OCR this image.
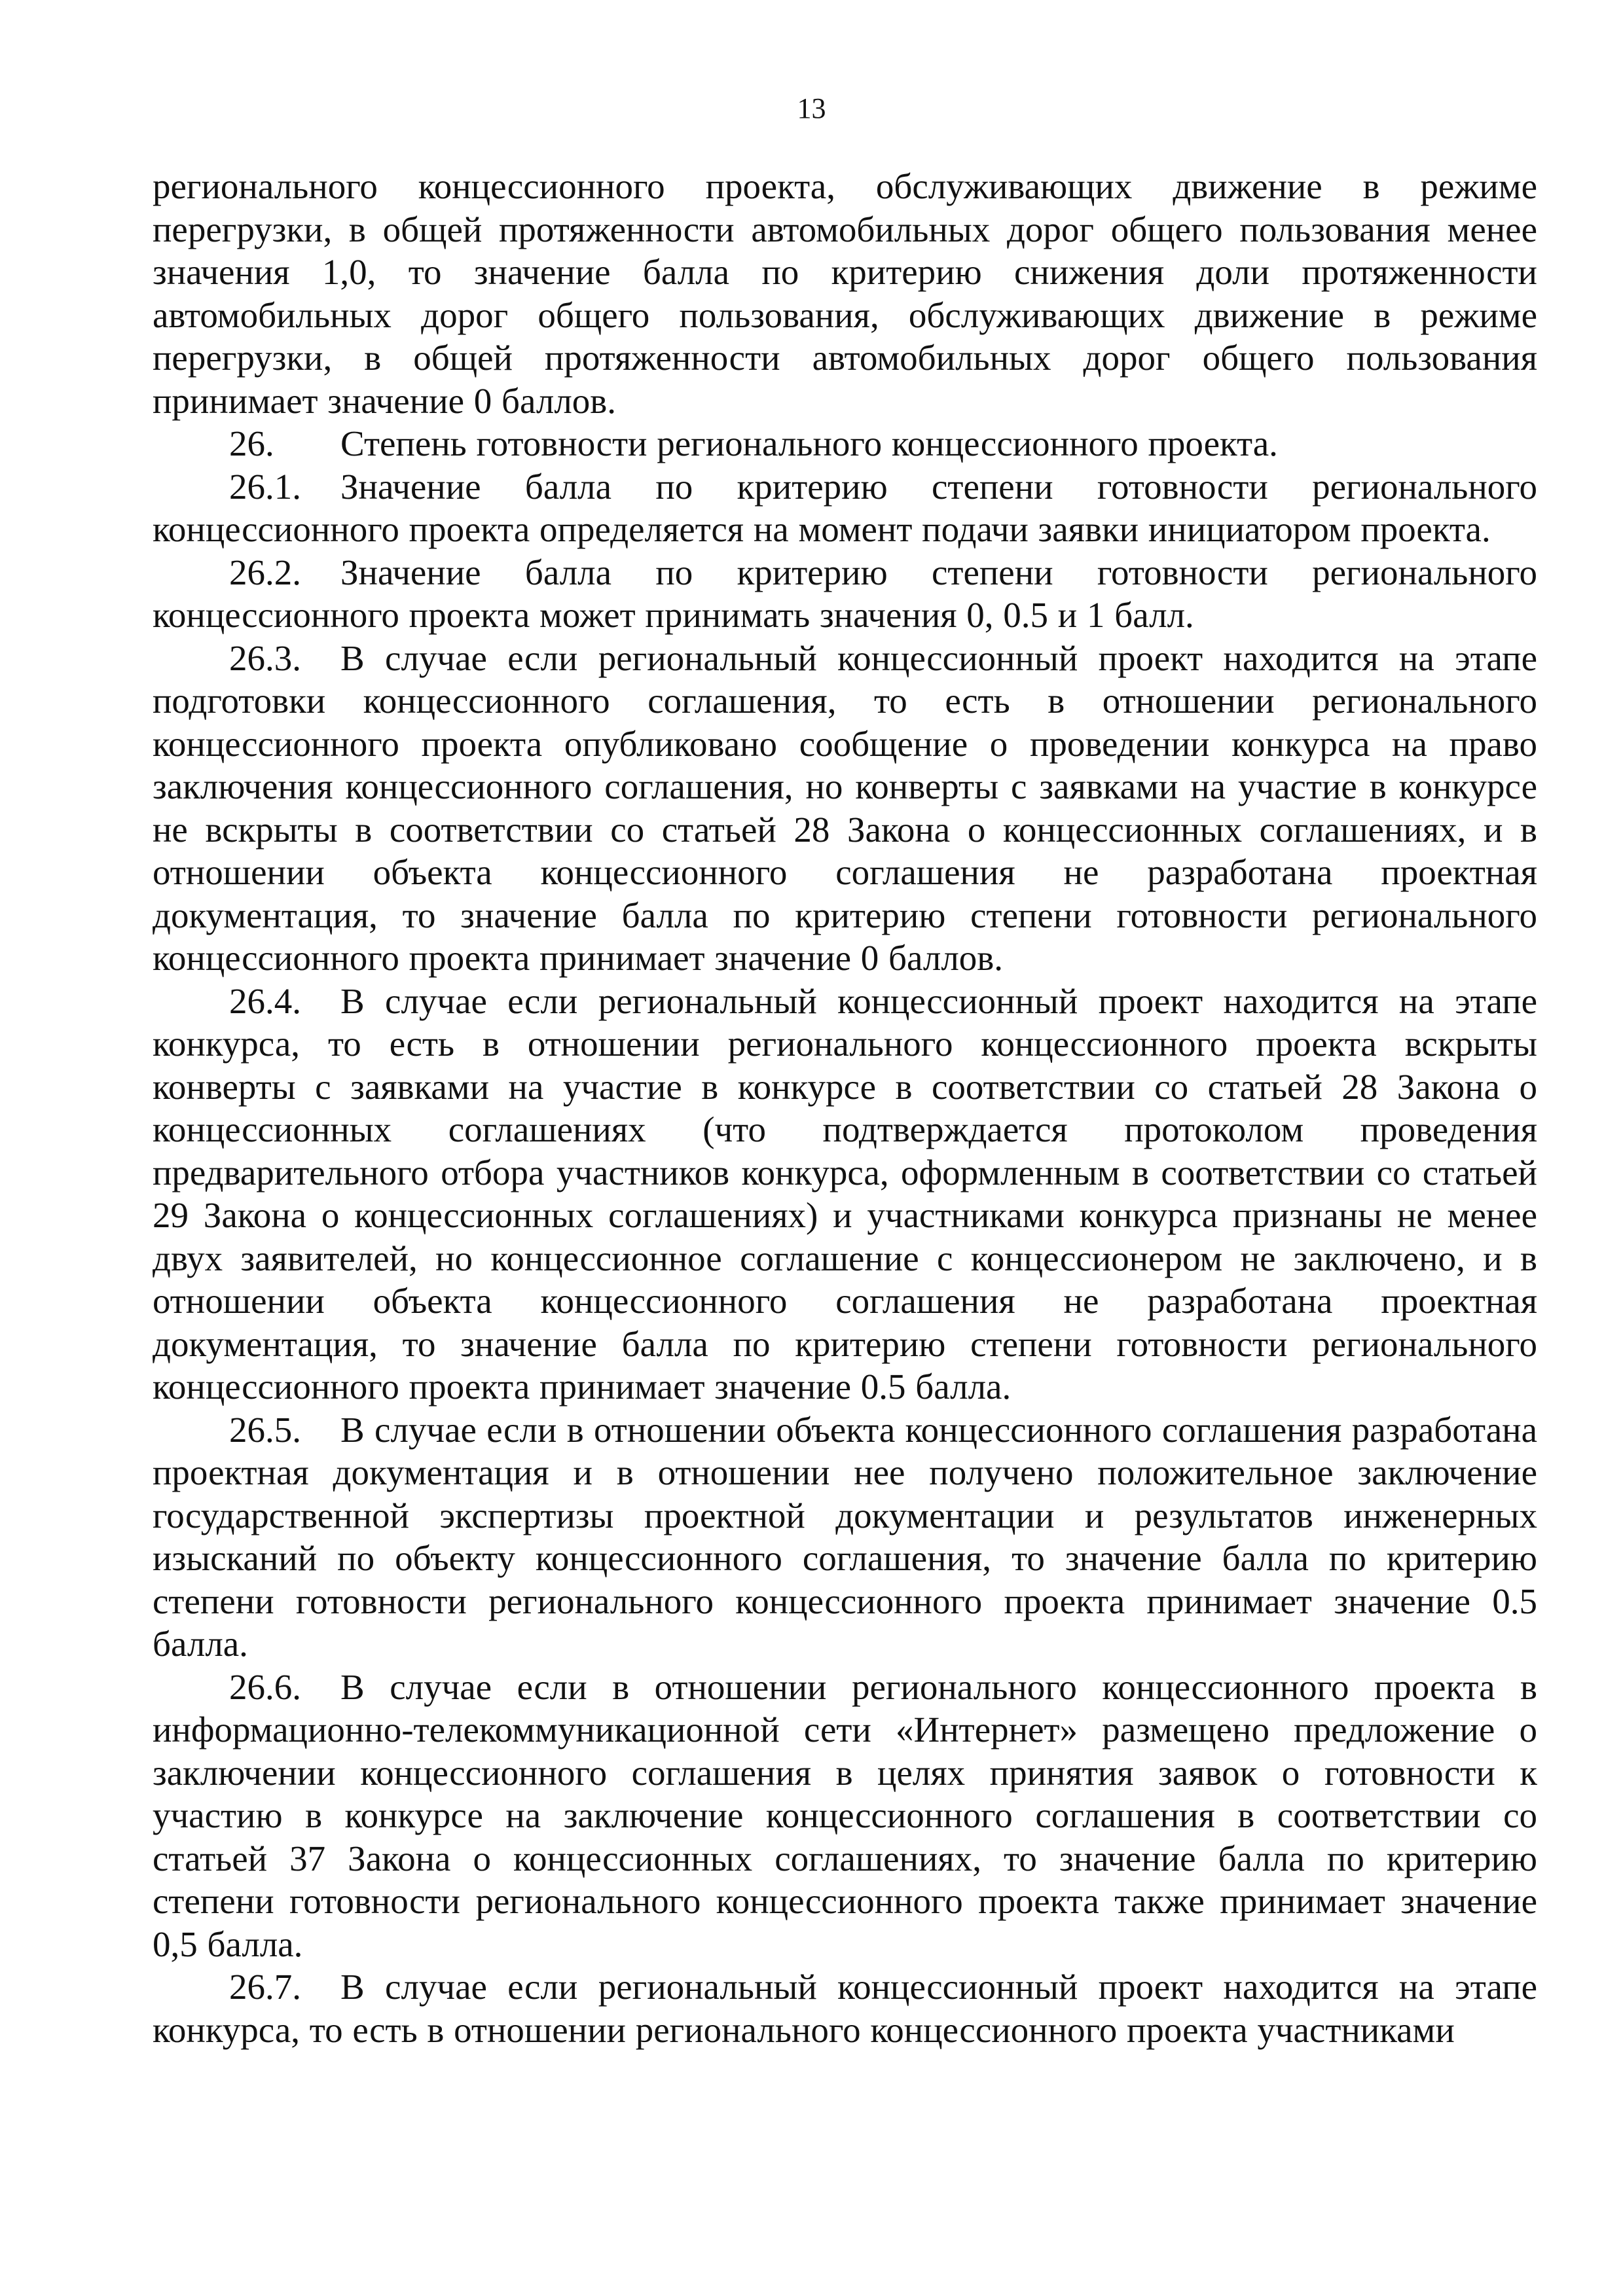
13

регионального концессионного проекта, обслуживающих движение в режиме перегрузки, в общей протяженности автомобильных дорог общего пользования менее значения 1,0, то значение балла по критерию снижения доли протяженности автомобильных дорог общего пользования, обслуживающих движение в режиме перегрузки, в общей протяженности автомобильных дорог общего пользования принимает значение 0 баллов.

26. Степень готовности регионального концессионного проекта.

26.1. Значение балла по критерию степени готовности регионального концессионного проекта определяется на момент подачи заявки инициатором проекта.

26.2. Значение балла по критерию степени готовности регионального концессионного проекта может принимать значения 0, 0.5 и 1 балл.

26.3. В случае если региональный концессионный проект находится на этапе подготовки концессионного соглашения, то есть в отношении регионального концессионного проекта опубликовано сообщение о проведении конкурса на право заключения концессионного соглашения, но конверты с заявками на участие в конкурсе не вскрыты в соответствии со статьей 28 Закона о концессионных соглашениях, и в отношении объекта концессионного соглашения не разработана проектная документация, то значение балла по критерию степени готовности регионального концессионного проекта принимает значение 0 баллов.

26.4. В случае если региональный концессионный проект находится на этапе конкурса, то есть в отношении регионального концессионного проекта вскрыты конверты с заявками на участие в конкурсе в соответствии со статьей 28 Закона о концессионных соглашениях (что подтверждается протоколом проведения предварительного отбора участников конкурса, оформленным в соответствии со статьей 29 Закона о концессионных соглашениях) и участниками конкурса признаны не менее двух заявителей, но концессионное соглашение с концессионером не заключено, и в отношении объекта концессионного соглашения не разработана проектная документация, то значение балла по критерию степени готовности регионального концессионного проекта принимает значение 0.5 балла.

26.5. В случае если в отношении объекта концессионного соглашения разработана проектная документация и в отношении нее получено положительное заключение государственной экспертизы проектной документации и результатов инженерных изысканий по объекту концессионного соглашения, то значение балла по критерию степени готовности регионального концессионного проекта принимает значение 0.5 балла.

26.6. В случае если в отношении регионального концессионного проекта в информационно-телекоммуникационной сети «Интернет» размещено предложение о заключении концессионного соглашения в целях принятия заявок о готовности к участию в конкурсе на заключение концессионного соглашения в соответствии со статьей 37 Закона о концессионных соглашениях, то значение балла по критерию степени готовности регионального концессионного проекта также принимает значение 0,5 балла.

26.7. В случае если региональный концессионный проект находится на этапе конкурса, то есть в отношении регионального концессионного проекта участниками
